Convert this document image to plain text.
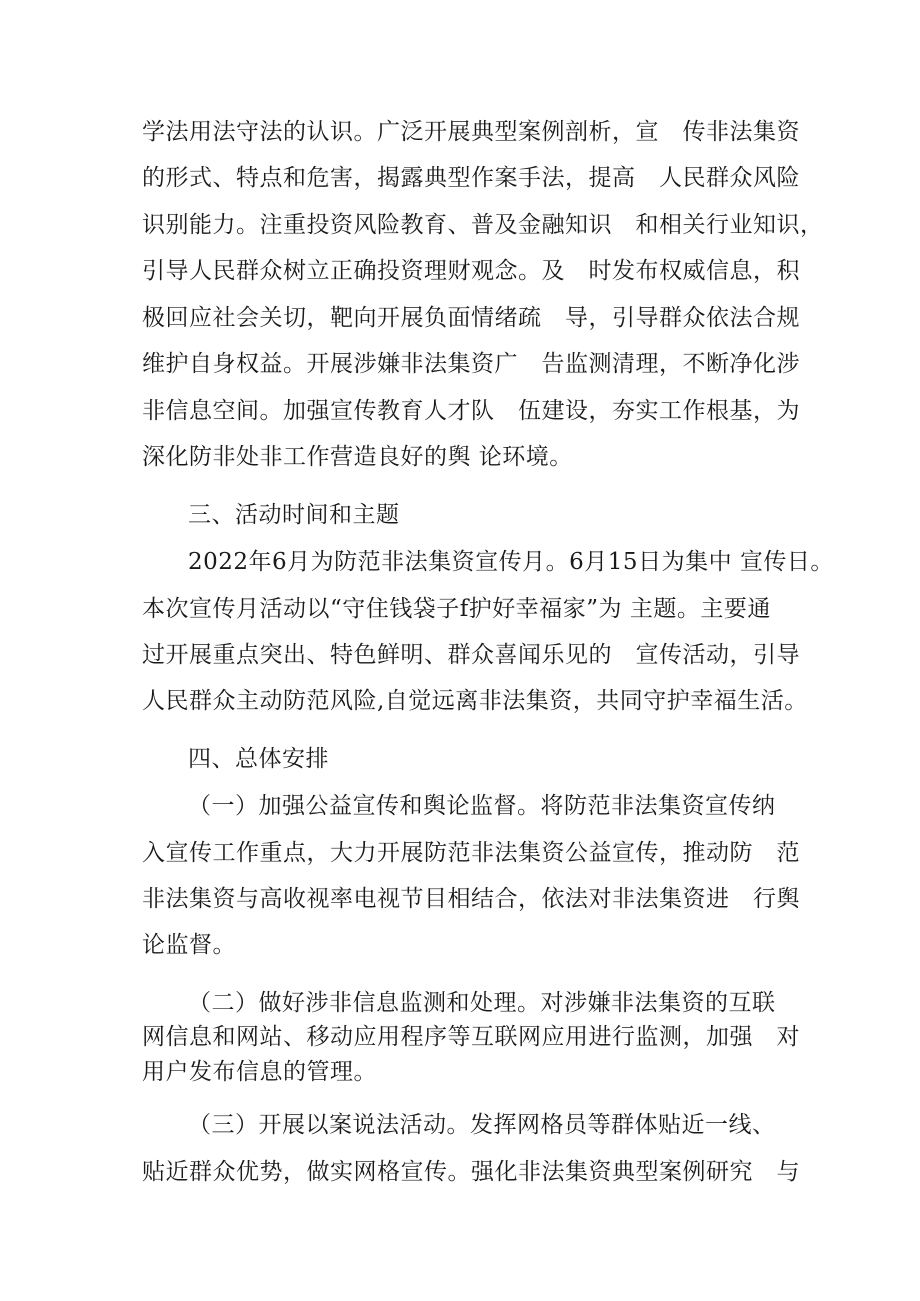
学法用法守法的认识。广泛开展典型案例剖析，宣　传非法集资
的形式、特点和危害，揭露典型作案手法，提高　人民群众风险
识别能力。注重投资风险教育、普及金融知识　和相关行业知识，
引导人民群众树立正确投资理财观念。及　时发布权威信息，积
极回应社会关切，靶向开展负面情绪疏　导，引导群众依法合规
维护自身权益。开展涉嫌非法集资广　告监测清理，不断净化涉
非信息空间。加强宣传教育人才队　伍建设，夯实工作根基，为
深化防非处非工作营造良好的舆 论环境。
三、活动时间和主题
2022年6月为防范非法集资宣传月。6月15日为集中 宣传日。
本次宣传月活动以“守住钱袋子f护好幸福家”为 主题。主要通
过开展重点突出、特色鲜明、群众喜闻乐见的　宣传活动，引导
人民群众主动防范风险,自觉远离非法集资，共同守护幸福生活。
四、总体安排
（一）加强公益宣传和舆论监督。将防范非法集资宣传纳
入宣传工作重点，大力开展防范非法集资公益宣传，推动防　范
非法集资与高收视率电视节目相结合，依法对非法集资进　行舆
论监督。
（二）做好涉非信息监测和处理。对涉嫌非法集资的互联
网信息和网站、移动应用程序等互联网应用进行监测，加强　对
用户发布信息的管理。
（三）开展以案说法活动。发挥网格员等群体贴近一线、
贴近群众优势，做实网格宣传。强化非法集资典型案例研究　与
